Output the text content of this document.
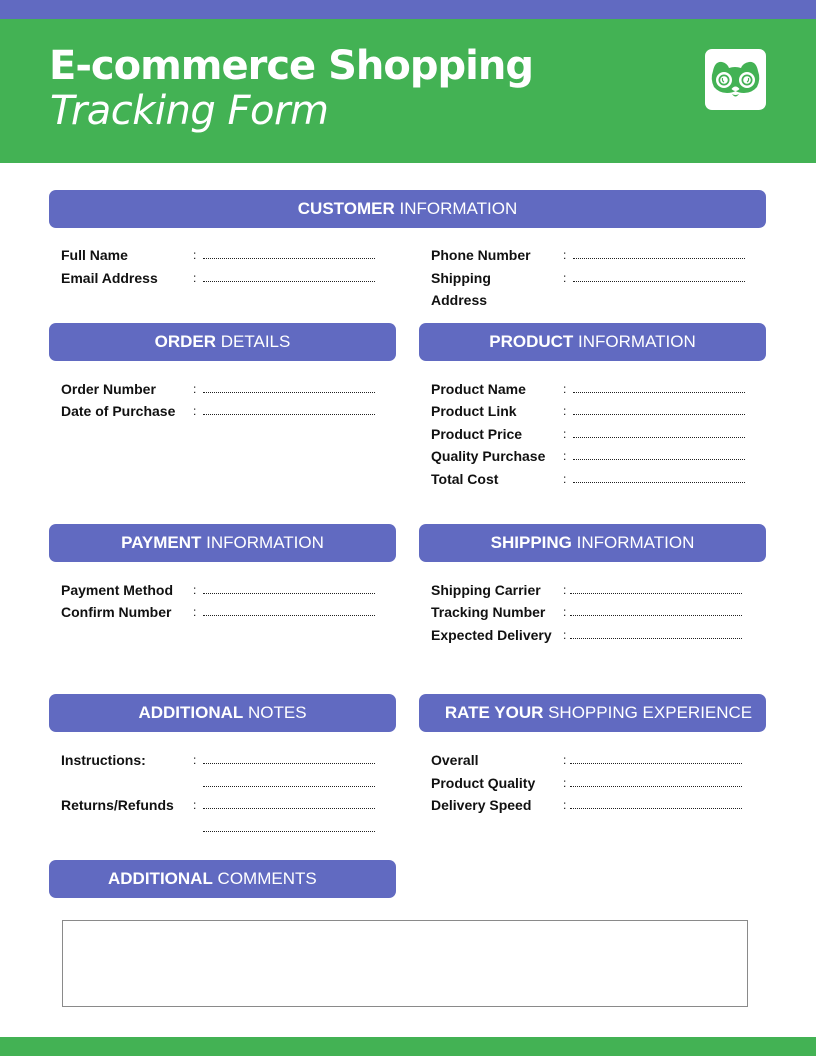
E-commerce Shopping
Tracking Form
CUSTOMER INFORMATION
Full Name	:
Email Address	:
Phone Number	:
Shipping
Address
:
ORDER DETAILS
Order Number	:
Date of Purchase :
PRODUCT INFORMATION
Product Name	:
Product Link	:
Product Price	:
Quality Purchase :
Total Cost	:
PAYMENT INFORMATION
Payment Method :
Confirm Number :
SHIPPING INFORMATION
Shipping Carrier :
Tracking Number :
Expected Delivery :
ADDITIONAL NOTES
Instructions:	:
Returns/Refunds :
RATE YOUR SHOPPING EXPERIENCE
Overall	:
Product Quality :
Delivery Speed	:
ADDITIONAL COMMENTS
